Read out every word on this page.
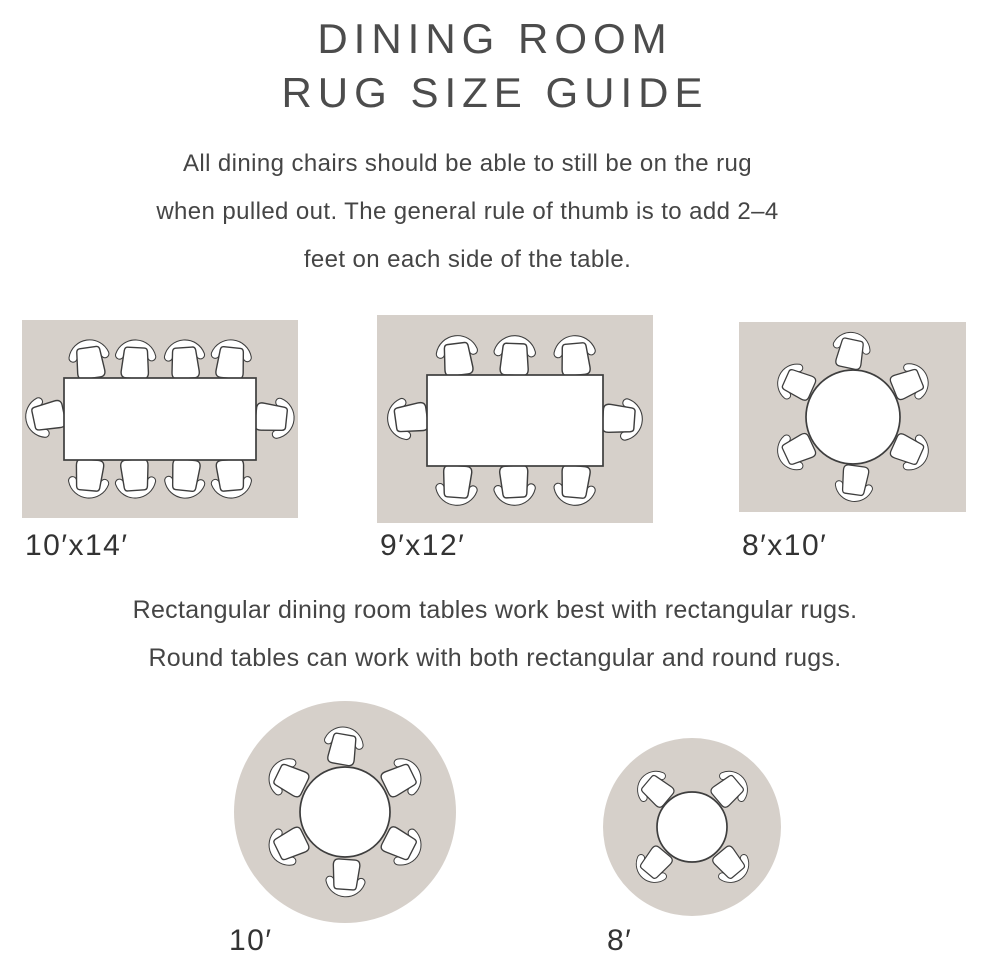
DINING ROOM
RUG SIZE GUIDE
All dining chairs should be able to still be on the rug
when pulled out. The general rule of thumb is to add 2–4
feet on each side of the table.
10′x14′	9′x12′	8′x10′
Rectangular dining room tables work best with rectangular rugs.
Round tables can work with both rectangular and round rugs.
10′	8′
